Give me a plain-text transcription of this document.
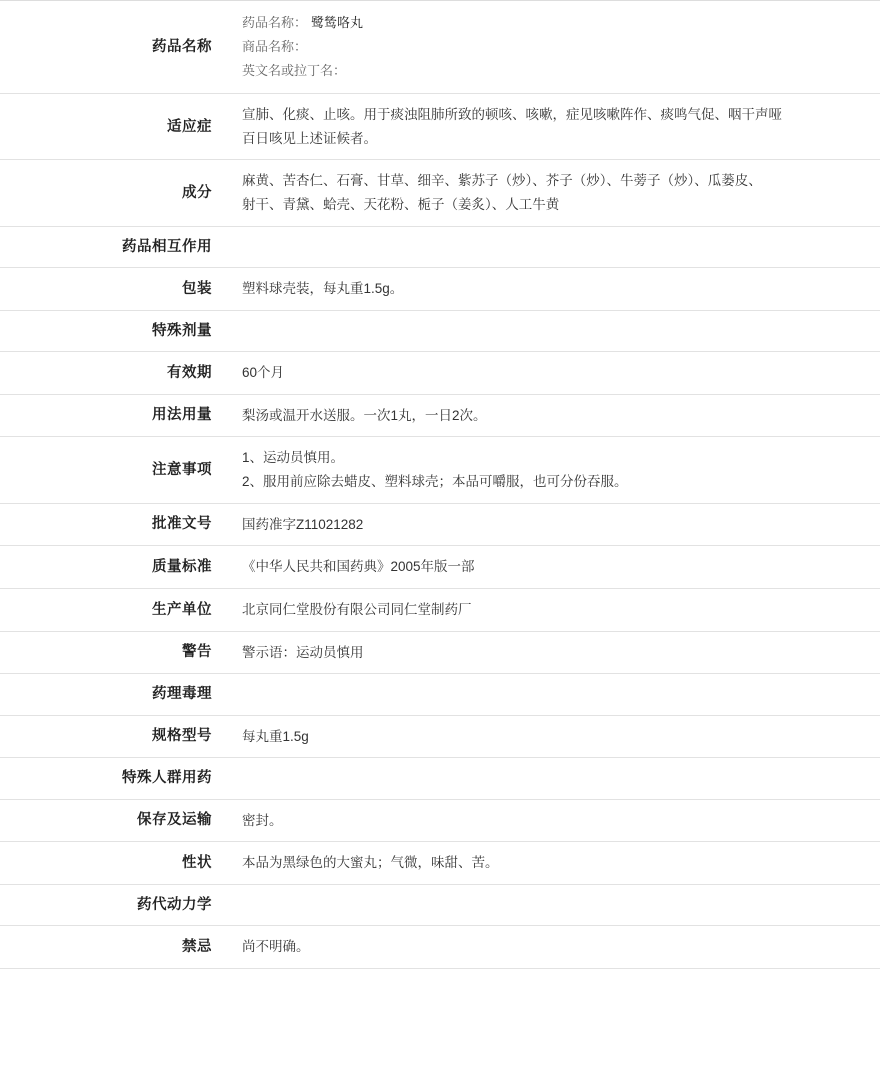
药品名称	药品名称： 鹭鸶咯丸
商品名称：
英文名或拉丁名：

适应症	宣肺、化痰、止咳。用于痰浊阻肺所致的顿咳、咳嗽，症见咳嗽阵作、痰鸣气促、咽干声哑
百日咳见上述证候者。

成分	麻黄、苦杏仁、石膏、甘草、细辛、紫苏子（炒）、芥子（炒）、牛蒡子（炒）、瓜蒌皮、
射干、青黛、蛤壳、天花粉、栀子（姜炙）、人工牛黄

药品相互作用	

包装	塑料球壳装，每丸重1.5g。

特殊剂量	

有效期	60个月

用法用量	梨汤或温开水送服。一次1丸，一日2次。

注意事项	1、运动员慎用。
2、服用前应除去蜡皮、塑料球壳；本品可嚼服，也可分份吞服。

批准文号	国药准字Z11021282

质量标准	《中华人民共和国药典》2005年版一部

生产单位	北京同仁堂股份有限公司同仁堂制药厂

警告	警示语：运动员慎用

药理毒理	

规格型号	每丸重1.5g

特殊人群用药	

保存及运输	密封。

性状	本品为黑绿色的大蜜丸；气微，味甜、苦。

药代动力学	

禁忌	尚不明确。
